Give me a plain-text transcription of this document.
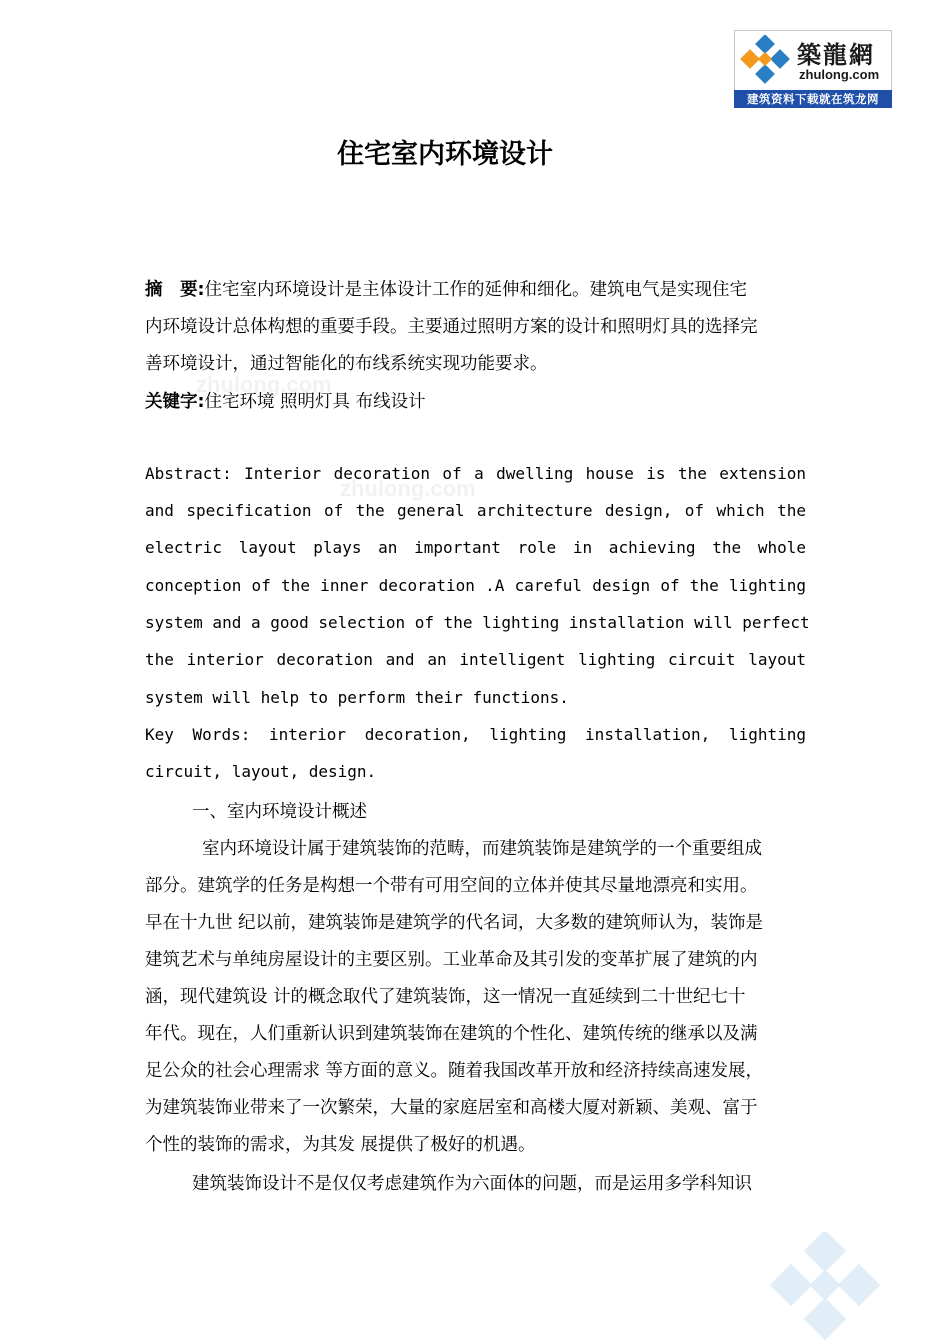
築龍網
zhulong.com
建筑资料下载就在筑龙网
zhulong.com
zhulong.com
住宅室内环境设计
摘　要:住宅室内环境设计是主体设计工作的延伸和细化。建筑电气是实现住宅
内环境设计总体构想的重要手段。主要通过照明方案的设计和照明灯具的选择完
善环境设计，通过智能化的布线系统实现功能要求。
关键字:住宅环境 照明灯具 布线设计
Abstract: Interior decoration of a dwelling house is the extension
and specification of the general architecture design, of which the
electric layout plays an important role in achieving the whole
conception of the inner decoration .A careful design of the lighting
system and a good selection of the lighting installation will perfect
the interior decoration and an intelligent lighting circuit layout
system will help to perform their functions.
Key Words: interior decoration, lighting installation, lighting
circuit, layout, design.
一、室内环境设计概述
室内环境设计属于建筑装饰的范畴，而建筑装饰是建筑学的一个重要组成
部分。建筑学的任务是构想一个带有可用空间的立体并使其尽量地漂亮和实用。
早在十九世 纪以前，建筑装饰是建筑学的代名词，大多数的建筑师认为，装饰是
建筑艺术与单纯房屋设计的主要区别。工业革命及其引发的变革扩展了建筑的内
涵，现代建筑设 计的概念取代了建筑装饰，这一情况一直延续到二十世纪七十
年代。现在，人们重新认识到建筑装饰在建筑的个性化、建筑传统的继承以及满
足公众的社会心理需求 等方面的意义。随着我国改革开放和经济持续高速发展，
为建筑装饰业带来了一次繁荣，大量的家庭居室和高楼大厦对新颖、美观、富于
个性的装饰的需求，为其发 展提供了极好的机遇。
建筑装饰设计不是仅仅考虑建筑作为六面体的问题，而是运用多学科知识
